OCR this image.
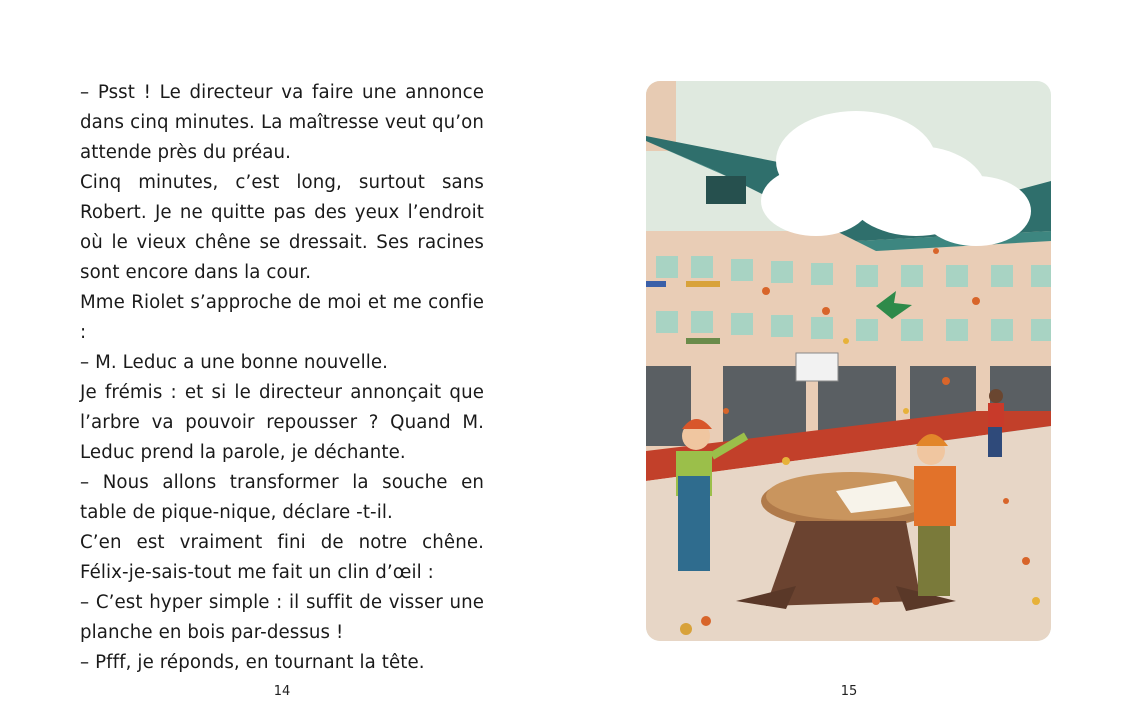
– Psst ! Le directeur va faire une annonce dans cinq minutes. La maîtresse veut qu’on attende près du préau.

Cinq minutes, c’est long, surtout sans Robert. Je ne quitte pas des yeux l’endroit où le vieux chêne se dressait. Ses racines sont encore dans la cour.

Mme Riolet s’approche de moi et me confie :

– M. Leduc a une bonne nouvelle.

Je frémis : et si le directeur annonçait que l’arbre va pouvoir repousser ? Quand M. Leduc prend la parole, je déchante.

– Nous allons transformer la souche en table de pique-nique, déclare -t-il.

C’en est vraiment fini de notre chêne. Félix-je-sais-tout me fait un clin d’œil :

– C’est hyper simple : il suffit de visser une planche en bois par-dessus !

– Pfff, je réponds, en tournant la tête.

14	15
